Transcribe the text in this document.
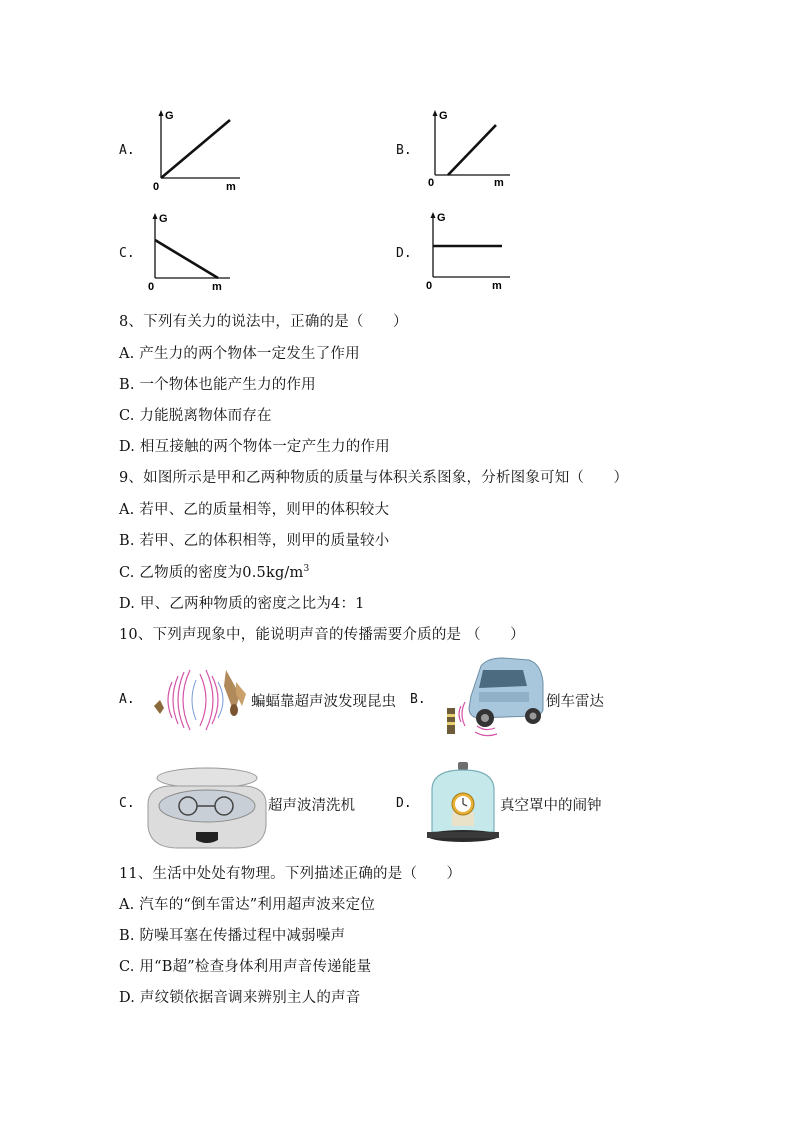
A.
G
m
0
B.
G
m
0
C.
G
m
0
D.
G
m
0
8、下列有关力的说法中，正确的是（　　）
A. 产生力的两个物体一定发生了作用
B. 一个物体也能产生力的作用
C. 力能脱离物体而存在
D. 相互接触的两个物体一定产生力的作用
9、如图所示是甲和乙两种物质的质量与体积关系图象，分析图象可知（　　）
A. 若甲、乙的质量相等，则甲的体积较大
B. 若甲、乙的体积相等，则甲的质量较小
C. 乙物质的密度为$0.5kg/m^3$
D. 甲、乙两种物质的密度之比为4：1
10、下列声现象中，能说明声音的传播需要介质的是 （　　）
A.	蝙蝠靠超声波发现昆虫 B.	倒车雷达
C.	超声波清洗机	D.	真空罩中的闹钟
11、生活中处处有物理。下列描述正确的是（　　）
A. 汽车的“倒车雷达”利用超声波来定位
B. 防噪耳塞在传播过程中减弱噪声
C. 用“B超”检查身体利用声音传递能量
D. 声纹锁依据音调来辨别主人的声音
